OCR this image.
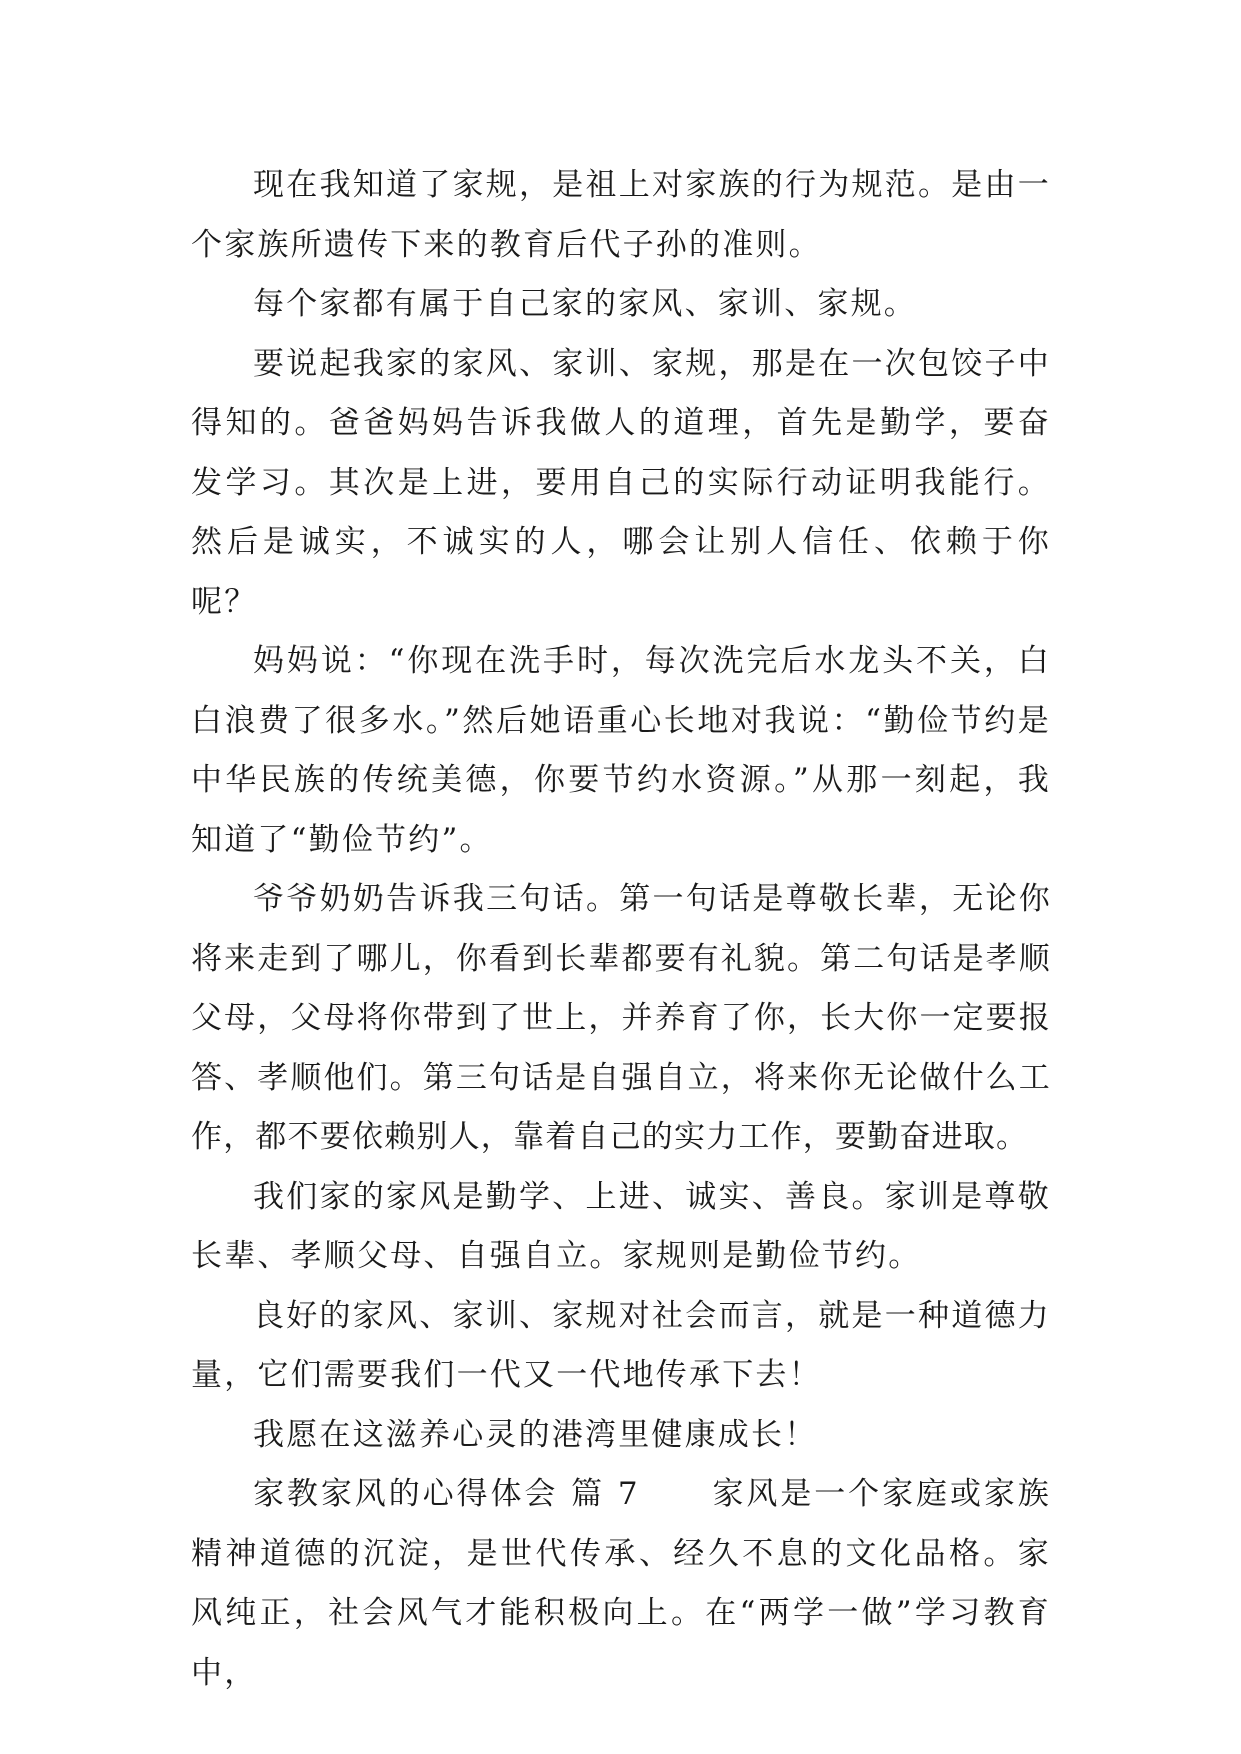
现在我知道了家规，是祖上对家族的行为规范。是由一个家族所遗传下来的教育后代子孙的准则。

每个家都有属于自己家的家风、家训、家规。

要说起我家的家风、家训、家规，那是在一次包饺子中得知的。爸爸妈妈告诉我做人的道理，首先是勤学，要奋发学习。其次是上进，要用自己的实际行动证明我能行。然后是诚实，不诚实的人，哪会让别人信任、依赖于你呢？

妈妈说：“你现在洗手时，每次洗完后水龙头不关，白白浪费了很多水。”然后她语重心长地对我说：“勤俭节约是中华民族的传统美德，你要节约水资源。”从那一刻起，我知道了“勤俭节约”。

爷爷奶奶告诉我三句话。第一句话是尊敬长辈，无论你将来走到了哪儿，你看到长辈都要有礼貌。第二句话是孝顺父母，父母将你带到了世上，并养育了你，长大你一定要报答、孝顺他们。第三句话是自强自立，将来你无论做什么工作，都不要依赖别人，靠着自己的实力工作，要勤奋进取。

我们家的家风是勤学、上进、诚实、善良。家训是尊敬长辈、孝顺父母、自强自立。家规则是勤俭节约。

良好的家风、家训、家规对社会而言，就是一种道德力量，它们需要我们一代又一代地传承下去！

我愿在这滋养心灵的港湾里健康成长！

家教家风的心得体会 篇 7 家风是一个家庭或家族精神道德的沉淀，是世代传承、经久不息的文化品格。家风纯正，社会风气才能积极向上。在“两学一做”学习教育中，
